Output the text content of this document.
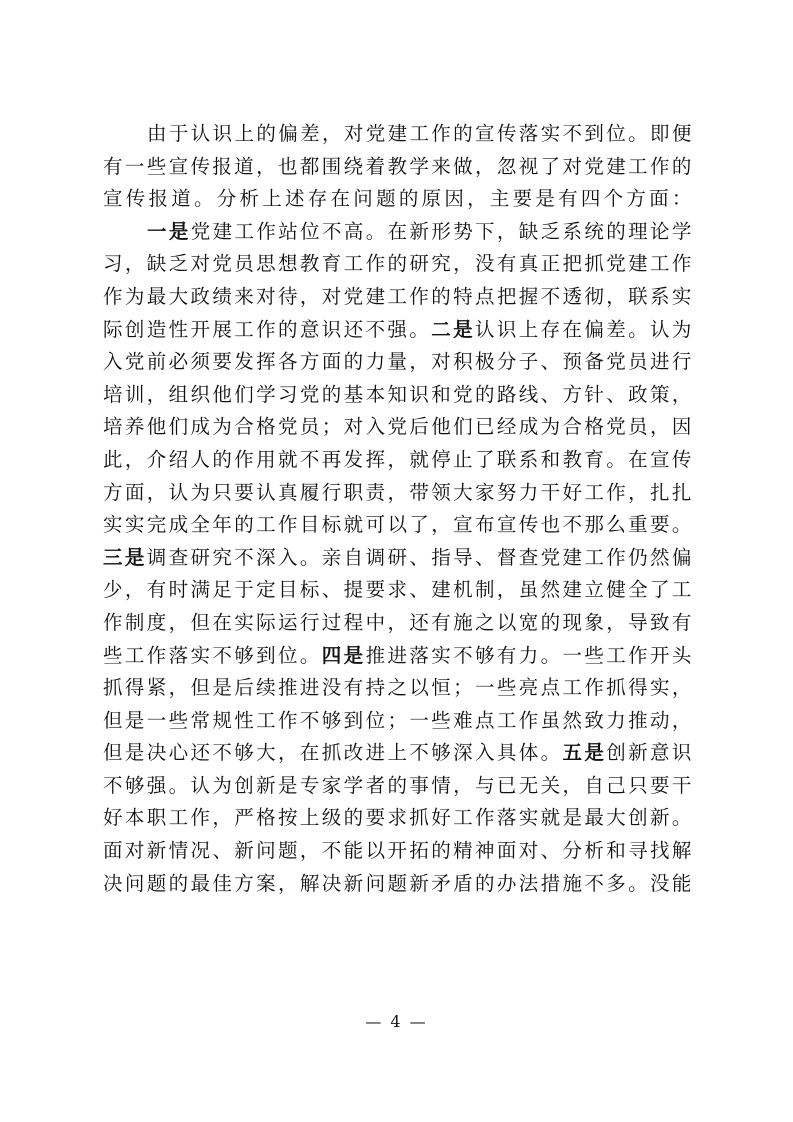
由于认识上的偏差，对党建工作的宣传落实不到位。即便
有一些宣传报道，也都围绕着教学来做，忽视了对党建工作的
宣传报道。分析上述存在问题的原因，主要是有四个方面：
一是党建工作站位不高。在新形势下，缺乏系统的理论学
习，缺乏对党员思想教育工作的研究，没有真正把抓党建工作
作为最大政绩来对待，对党建工作的特点把握不透彻，联系实
际创造性开展工作的意识还不强。二是认识上存在偏差。认为
入党前必须要发挥各方面的力量，对积极分子、预备党员进行
培训，组织他们学习党的基本知识和党的路线、方针、政策，
培养他们成为合格党员；对入党后他们已经成为合格党员，因
此，介绍人的作用就不再发挥，就停止了联系和教育。在宣传
方面，认为只要认真履行职责，带领大家努力干好工作，扎扎
实实完成全年的工作目标就可以了，宣布宣传也不那么重要。
三是调查研究不深入。亲自调研、指导、督查党建工作仍然偏
少，有时满足于定目标、提要求、建机制，虽然建立健全了工
作制度，但在实际运行过程中，还有施之以宽的现象，导致有
些工作落实不够到位。四是推进落实不够有力。一些工作开头
抓得紧，但是后续推进没有持之以恒；一些亮点工作抓得实，
但是一些常规性工作不够到位；一些难点工作虽然致力推动，
但是决心还不够大，在抓改进上不够深入具体。五是创新意识
不够强。认为创新是专家学者的事情，与已无关，自己只要干
好本职工作，严格按上级的要求抓好工作落实就是最大创新。
面对新情况、新问题，不能以开拓的精神面对、分析和寻找解
决问题的最佳方案，解决新问题新矛盾的办法措施不多。没能
— 4 —
